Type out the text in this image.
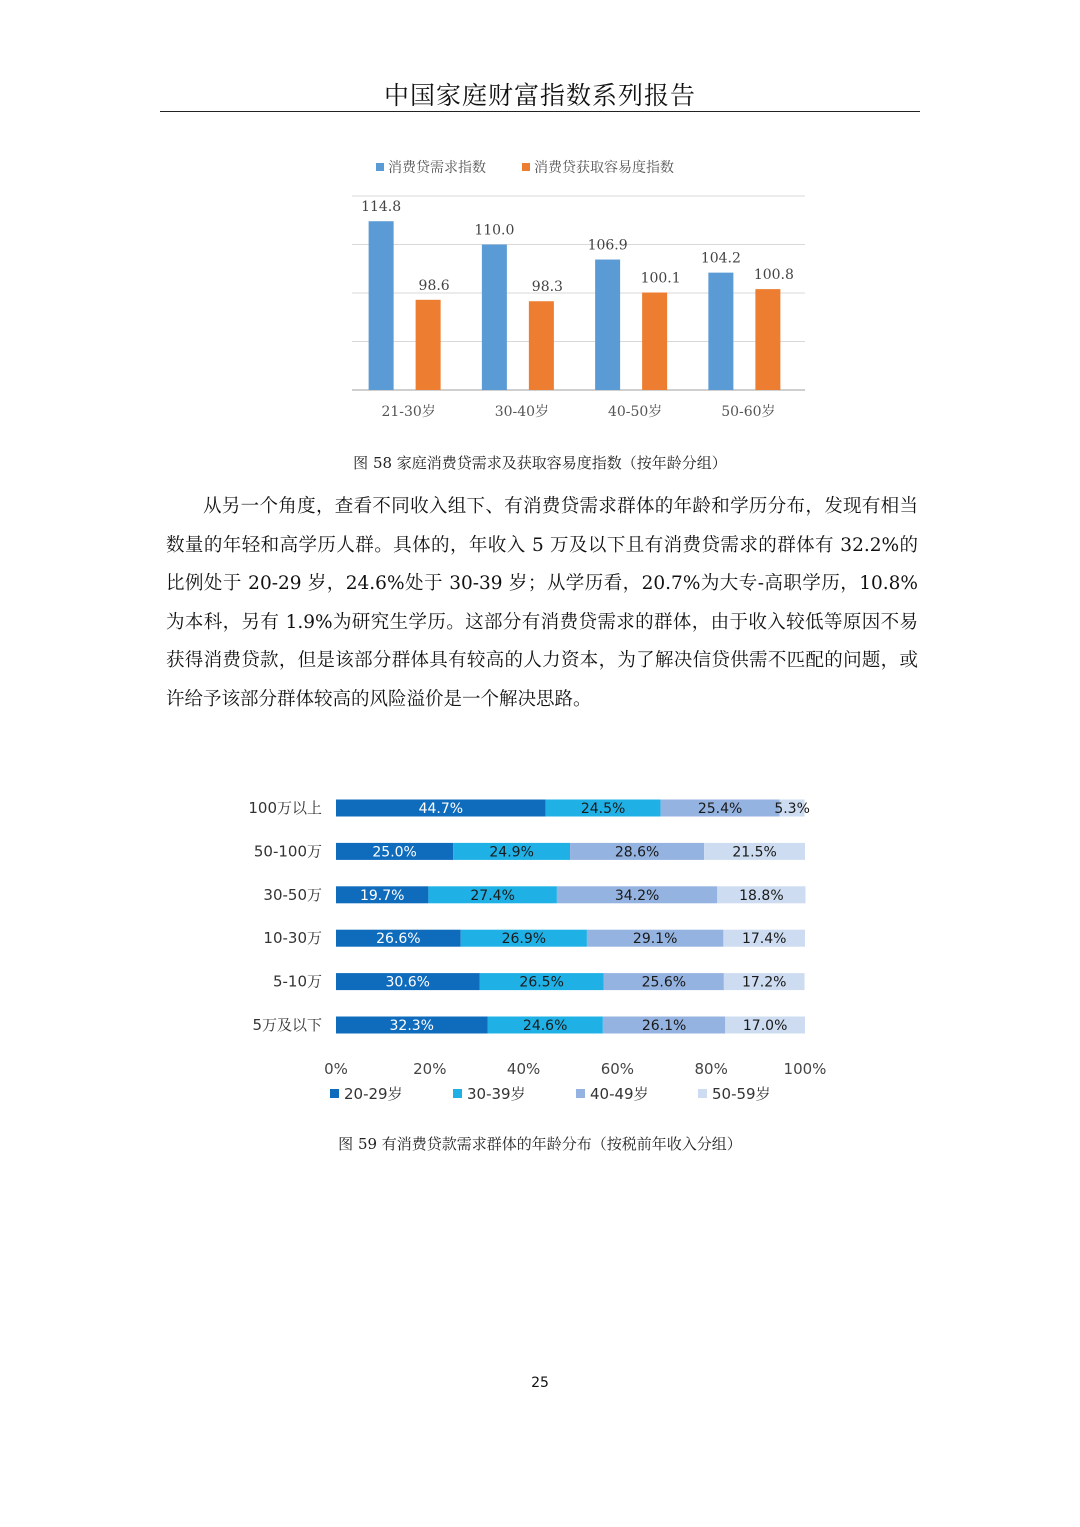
中国家庭财富指数系列报告
消费贷需求指数	消费贷获取容易度指数
114.8
98.6
21-30岁
110.0
98.3
30-40岁
106.9
100.1
40-50岁
104.2
100.8
50-60岁
图 58 家庭消费贷需求及获取容易度指数（按年龄分组）
从另一个角度，查看不同收入组下、有消费贷需求群体的年龄和学历分布，发现有相当数量的年轻和高学历人群。具体的，年收入 5 万及以下且有消费贷需求的群体有 32.2%的比例处于 20-29 岁，24.6%处于 30-39 岁；从学历看，20.7%为大专-高职学历，10.8%为本科，另有 1.9%为研究生学历。这部分有消费贷需求的群体，由于收入较低等原因不易获得消费贷款，但是该部分群体具有较高的人力资本，为了解决信贷供需不匹配的问题，或许给予该部分群体较高的风险溢价是一个解决思路。
100万以上	44.7%	24.5%	25.4% 5.3%
50-100万	25.0%	24.9%	28.6%	21.5%
30-50万	19.7%	27.4%	34.2%	18.8%
10-30万	26.6%	26.9%	29.1%	17.4%
5-10万	30.6%	26.5%	25.6%	17.2%
5万及以下	32.3%	24.6%	26.1%	17.0%
0%	20%	40%	60%	80%	100%
20-29岁	30-39岁	40-49岁	50-59岁
图 59 有消费贷款需求群体的年龄分布（按税前年收入分组）
25
